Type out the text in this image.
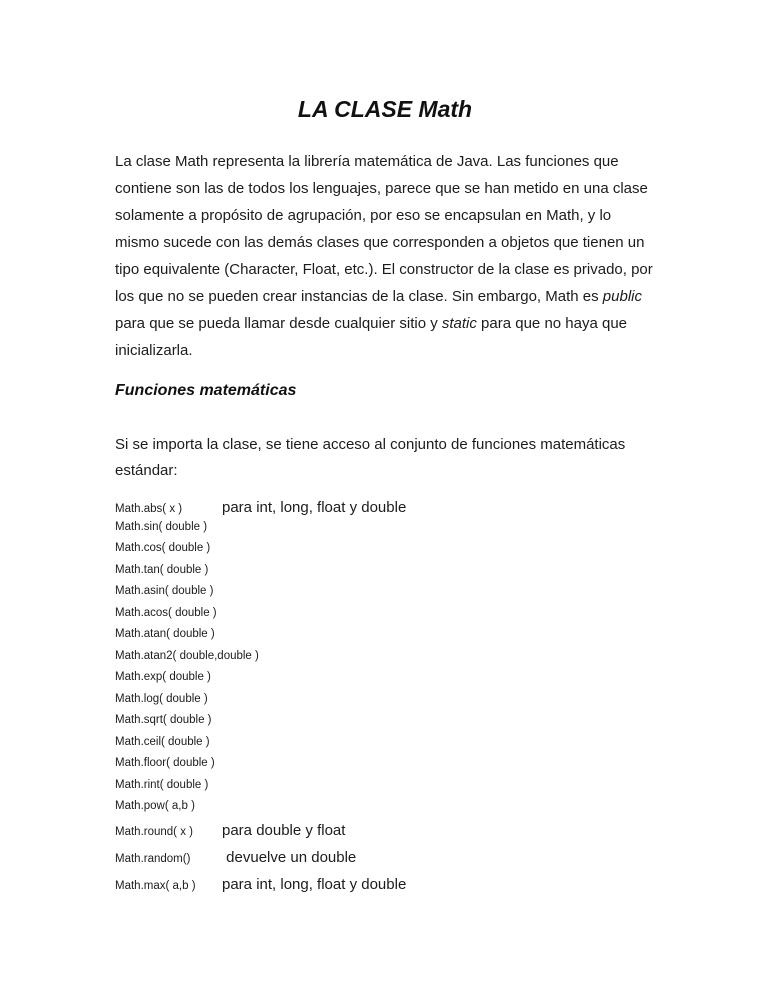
LA CLASE Math

La clase Math representa la librería matemática de Java. Las funciones que contiene son las de todos los lenguajes, parece que se han metido en una clase solamente a propósito de agrupación, por eso se encapsulan en Math, y lo mismo sucede con las demás clases que corresponden a objetos que tienen un tipo equivalente (Character, Float, etc.). El constructor de la clase es privado, por los que no se pueden crear instancias de la clase. Sin embargo, Math es public para que se pueda llamar desde cualquier sitio y static para que no haya que inicializarla.

Funciones matemáticas

Si se importa la clase, se tiene acceso al conjunto de funciones matemáticas estándar:

Math.abs( x )	para int, long, float y double
Math.sin( double )
Math.cos( double )
Math.tan( double )
Math.asin( double )
Math.acos( double )
Math.atan( double )
Math.atan2( double,double )
Math.exp( double )
Math.log( double )
Math.sqrt( double )
Math.ceil( double )
Math.floor( double )
Math.rint( double )
Math.pow( a,b )
Math.round( x )	para double y float
Math.random()	devuelve un double
Math.max( a,b )	para int, long, float y double
